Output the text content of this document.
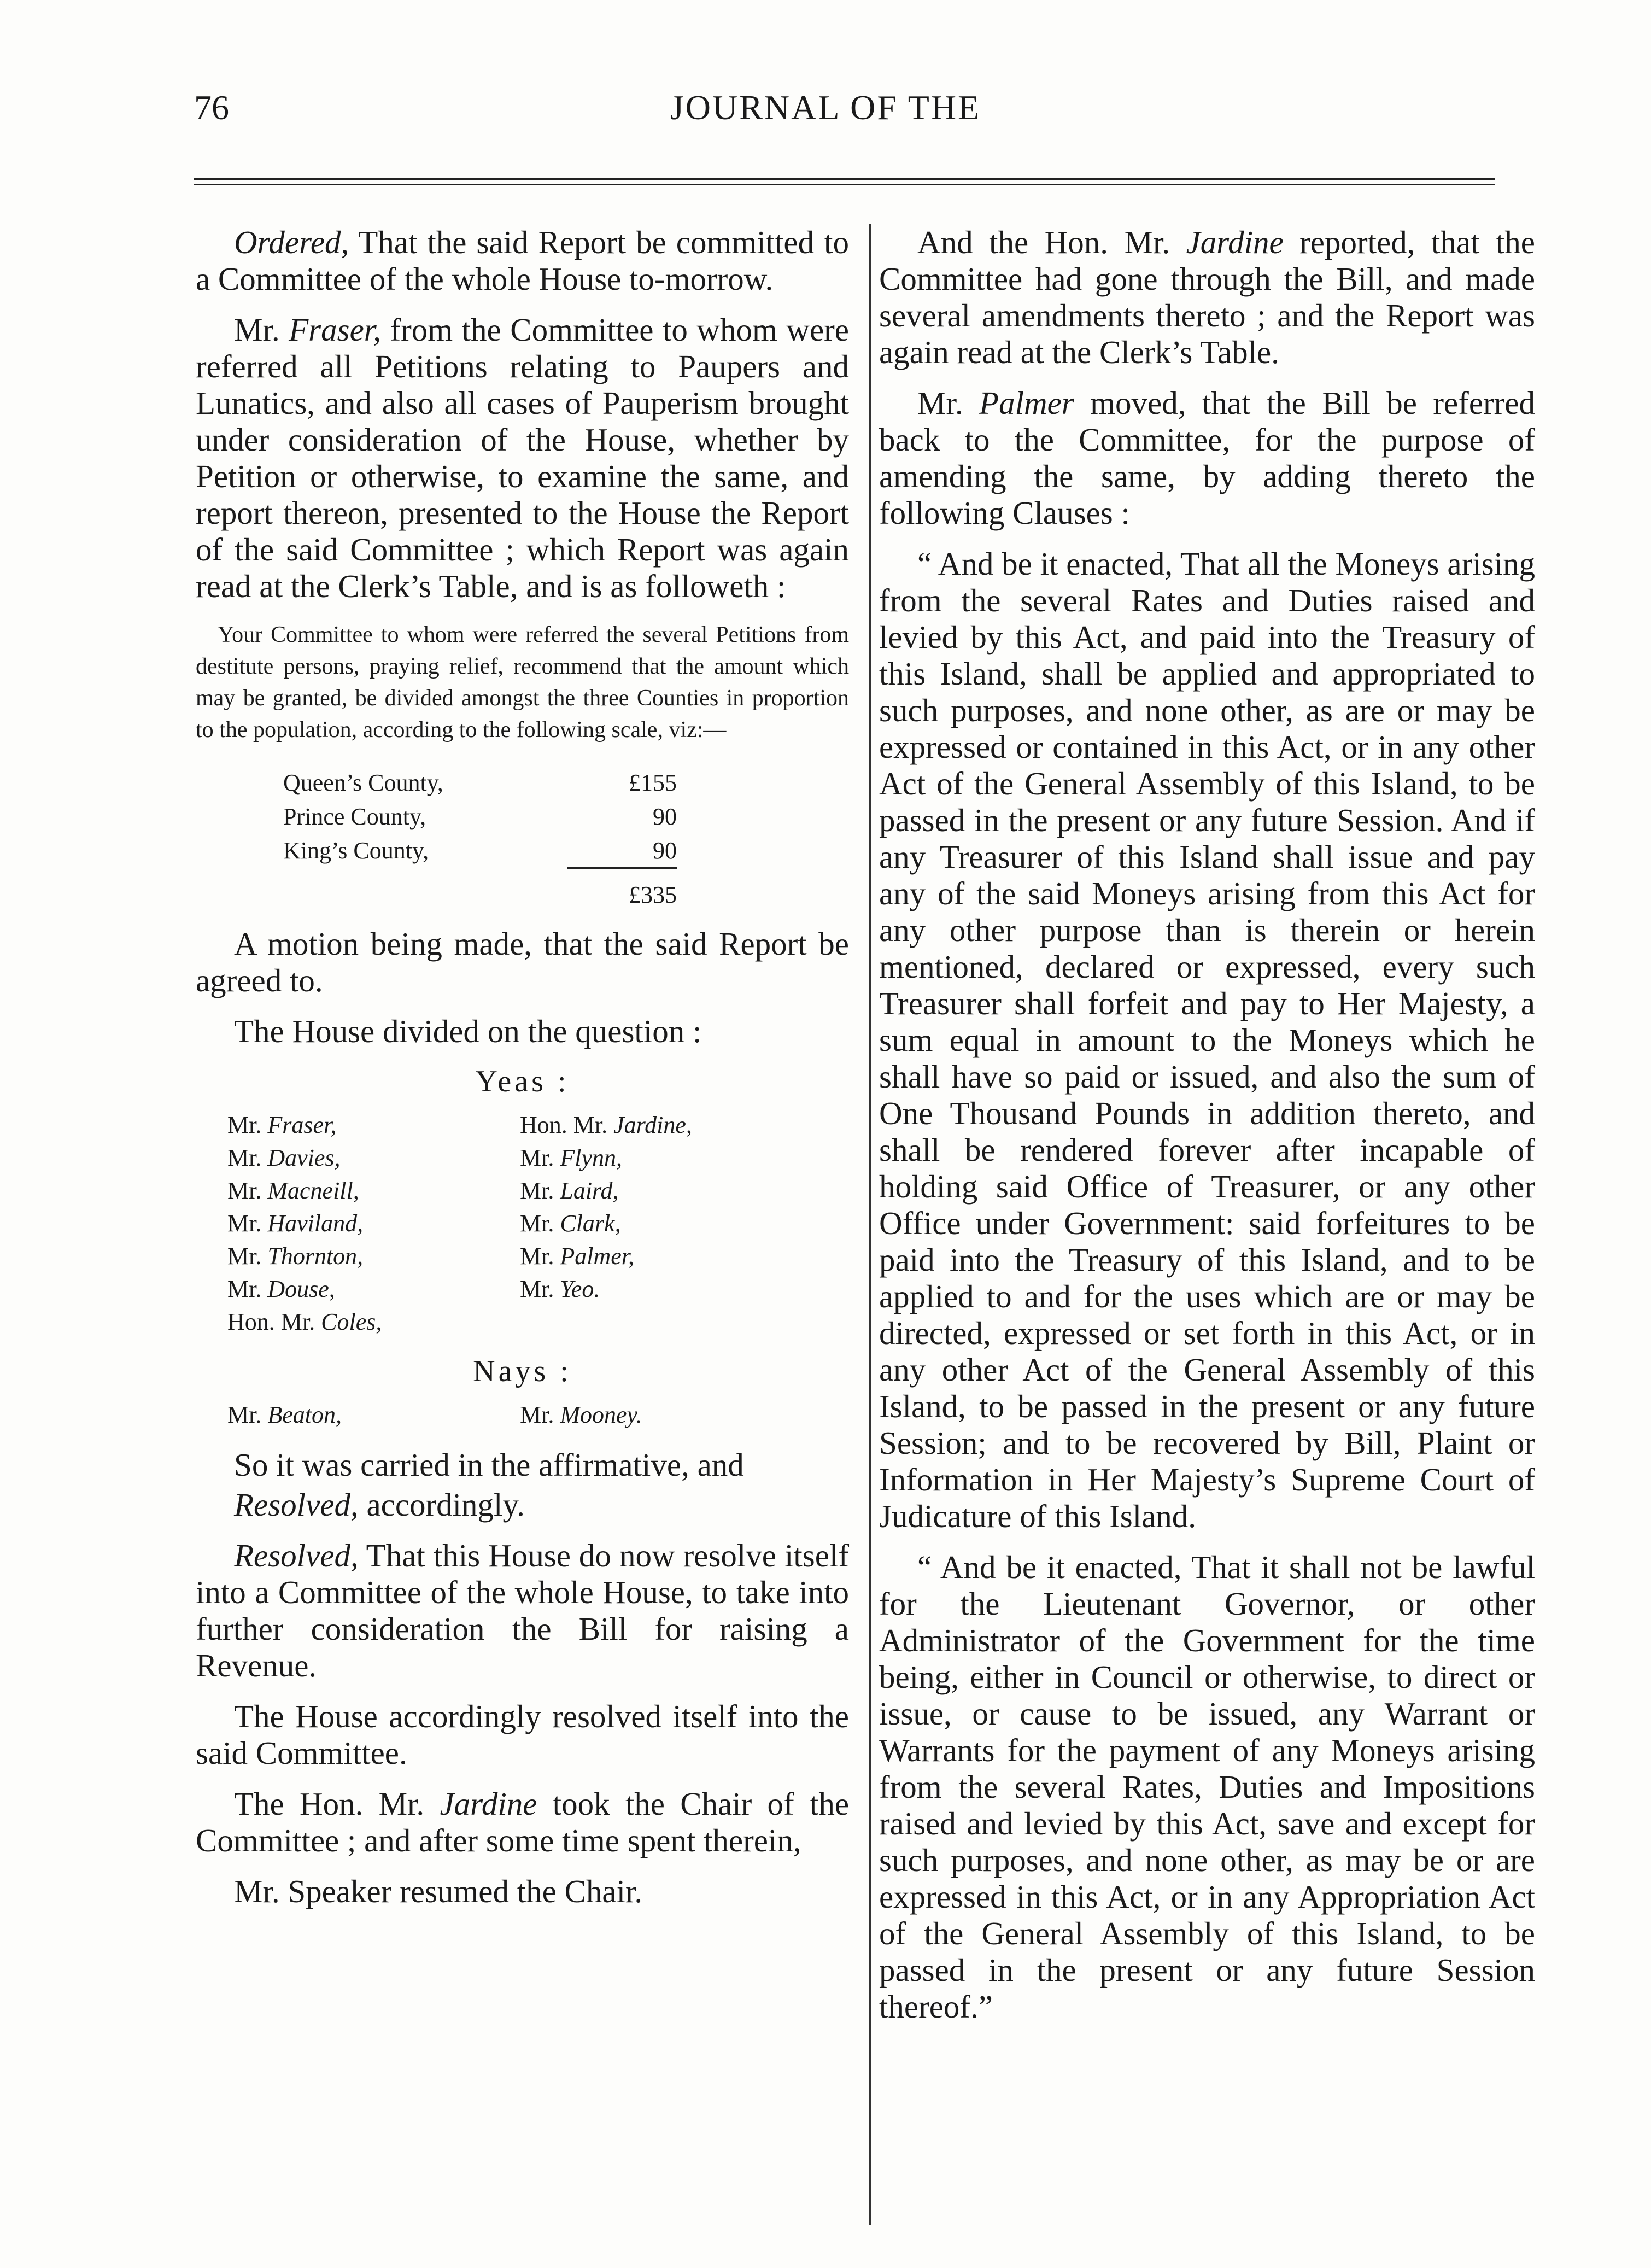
76	JOURNAL OF THE

Ordered, That the said Report be committed to a Committee of the whole House to-morrow.

Mr. Fraser, from the Committee to whom were referred all Petitions relating to Paupers and Lunatics, and also all cases of Pauperism brought under consideration of the House, whether by Petition or otherwise, to examine the same, and report thereon, presented to the House the Report of the said Committee ; which Report was again read at the Clerk’s Table, and is as followeth :

Your Committee to whom were referred the several Petitions from destitute persons, praying relief, recommend that the amount which may be granted, be divided amongst the three Counties in proportion to the population, according to the following scale, viz:—

Queen’s County,	£155
Prince County,	90
King’s County,	90
	£335

A motion being made, that the said Report be agreed to.

The House divided on the question :

Yeas :
Mr. Fraser,	Hon. Mr. Jardine,
Mr. Davies,	Mr. Flynn,
Mr. Macneill,	Mr. Laird,
Mr. Haviland,	Mr. Clark,
Mr. Thornton,	Mr. Palmer,
Mr. Douse,	Mr. Yeo.
Hon. Mr. Coles,	
Nays :
Mr. Beaton,	Mr. Mooney.

So it was carried in the affirmative, and

Resolved, accordingly.

Resolved, That this House do now resolve itself into a Committee of the whole House, to take into further consideration the Bill for raising a Revenue.

The House accordingly resolved itself into the said Committee.

The Hon. Mr. Jardine took the Chair of the Committee ; and after some time spent therein,

Mr. Speaker resumed the Chair.

And the Hon. Mr. Jardine reported, that the Committee had gone through the Bill, and made several amendments thereto ; and the Report was again read at the Clerk’s Table.

Mr. Palmer moved, that the Bill be referred back to the Committee, for the purpose of amending the same, by adding thereto the following Clauses :

“ And be it enacted, That all the Moneys arising from the several Rates and Duties raised and levied by this Act, and paid into the Treasury of this Island, shall be applied and appropriated to such purposes, and none other, as are or may be expressed or contained in this Act, or in any other Act of the General Assembly of this Island, to be passed in the present or any future Session. And if any Treasurer of this Island shall issue and pay any of the said Moneys arising from this Act for any other purpose than is therein or herein mentioned, declared or expressed, every such Treasurer shall forfeit and pay to Her Majesty, a sum equal in amount to the Moneys which he shall have so paid or issued, and also the sum of One Thousand Pounds in addition thereto, and shall be rendered forever after incapable of holding said Office of Treasurer, or any other Office under Government: said forfeitures to be paid into the Treasury of this Island, and to be applied to and for the uses which are or may be directed, expressed or set forth in this Act, or in any other Act of the General Assembly of this Island, to be passed in the present or any future Session; and to be recovered by Bill, Plaint or Information in Her Majesty’s Supreme Court of Judicature of this Island.

“ And be it enacted, That it shall not be lawful for the Lieutenant Governor, or other Administrator of the Government for the time being, either in Council or otherwise, to direct or issue, or cause to be issued, any Warrant or Warrants for the payment of any Moneys arising from the several Rates, Duties and Impositions raised and levied by this Act, save and except for such purposes, and none other, as may be or are expressed in this Act, or in any Appropriation Act of the General Assembly of this Island, to be passed in the present or any future Session thereof.”
